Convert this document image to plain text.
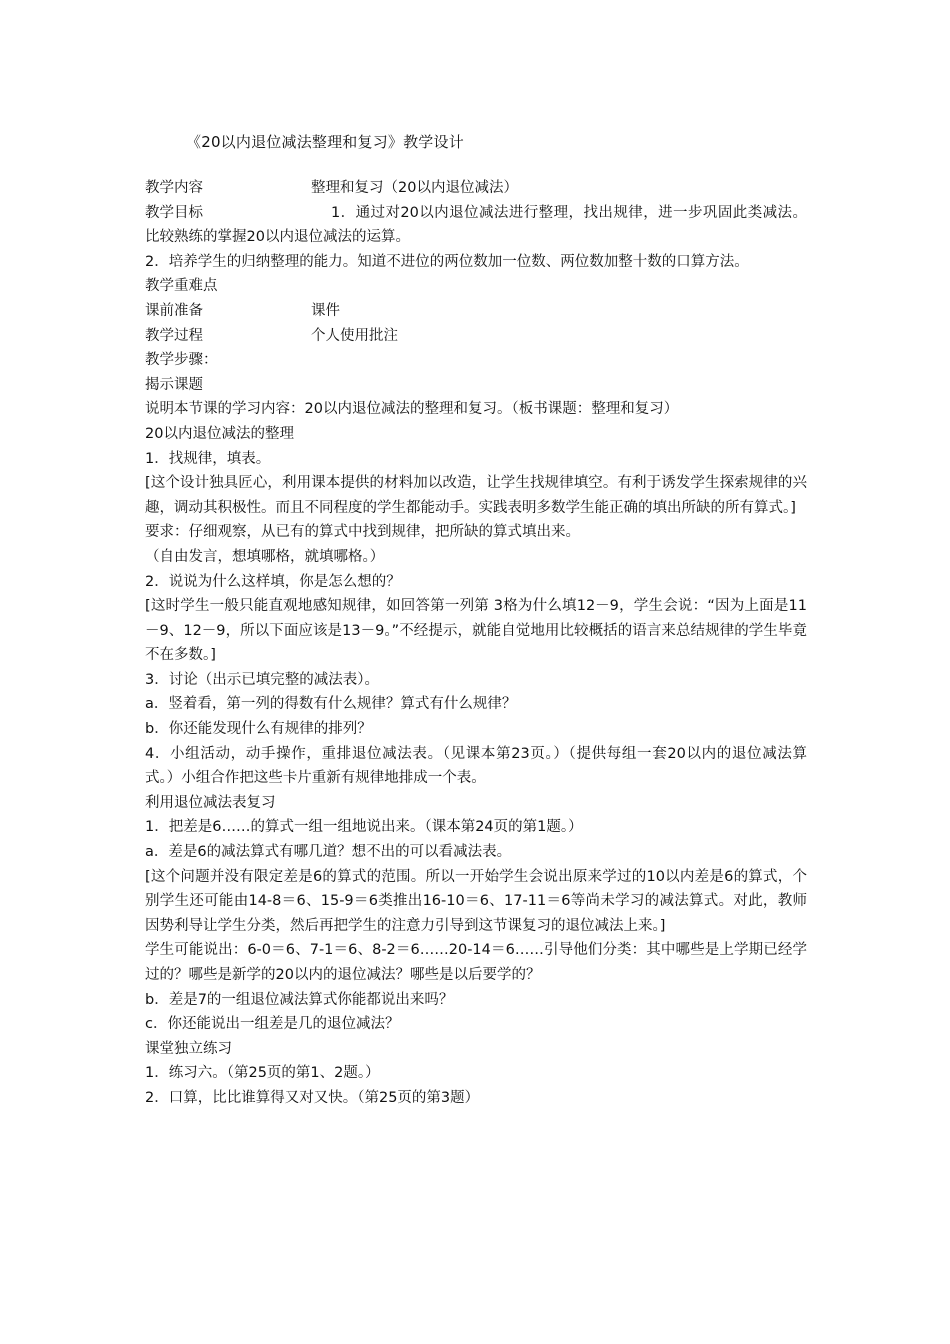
《20以内退位减法整理和复习》教学设计
教学内容	整理和复习（20以内退位减法）
教学目标	1．通过对20以内退位减法进行整理，找出规律，进一步巩固此类减法。比较熟练的掌握20以内退位减法的运算。
2．培养学生的归纳整理的能力。知道不进位的两位数加一位数、两位数加整十数的口算方法。
教学重难点
课前准备	课件
教学过程	个人使用批注
教学步骤：
揭示课题
说明本节课的学习内容：20以内退位减法的整理和复习。（板书课题：整理和复习）
20以内退位减法的整理
1．找规律，填表。
[这个设计独具匠心，利用课本提供的材料加以改造，让学生找规律填空。有利于诱发学生探索规律的兴趣，调动其积极性。而且不同程度的学生都能动手。实践表明多数学生能正确的填出所缺的所有算式。]
要求：仔细观察，从已有的算式中找到规律，把所缺的算式填出来。
（自由发言，想填哪格，就填哪格。）
2．说说为什么这样填，你是怎么想的？
[这时学生一般只能直观地感知规律，如回答第一列第 3格为什么填12－9，学生会说：“因为上面是11－9、12－9，所以下面应该是13－9。”不经提示，就能自觉地用比较概括的语言来总结规律的学生毕竟不在多数。]
3．讨论（出示已填完整的减法表）。
a．竖着看，第一列的得数有什么规律？算式有什么规律？
b．你还能发现什么有规律的排列？
4．小组活动，动手操作，重排退位减法表。（见课本第23页。）（提供每组一套20以内的退位减法算式。）小组合作把这些卡片重新有规律地排成一个表。
利用退位减法表复习
1．把差是6……的算式一组一组地说出来。（课本第24页的第1题。）
a．差是6的减法算式有哪几道？想不出的可以看减法表。
[这个问题并没有限定差是6的算式的范围。所以一开始学生会说出原来学过的10以内差是6的算式，个别学生还可能由14-8＝6、15-9＝6类推出16-10＝6、17-11＝6等尚未学习的减法算式。对此，教师因势利导让学生分类，然后再把学生的注意力引导到这节课复习的退位减法上来。]
学生可能说出：6-0＝6、7-1＝6、8-2＝6……20-14＝6……引导他们分类：其中哪些是上学期已经学过的？哪些是新学的20以内的退位减法？哪些是以后要学的？
b．差是7的一组退位减法算式你能都说出来吗？
c．你还能说出一组差是几的退位减法？
课堂独立练习
1．练习六。（第25页的第1、2题。）
2．口算，比比谁算得又对又快。（第25页的第3题）
